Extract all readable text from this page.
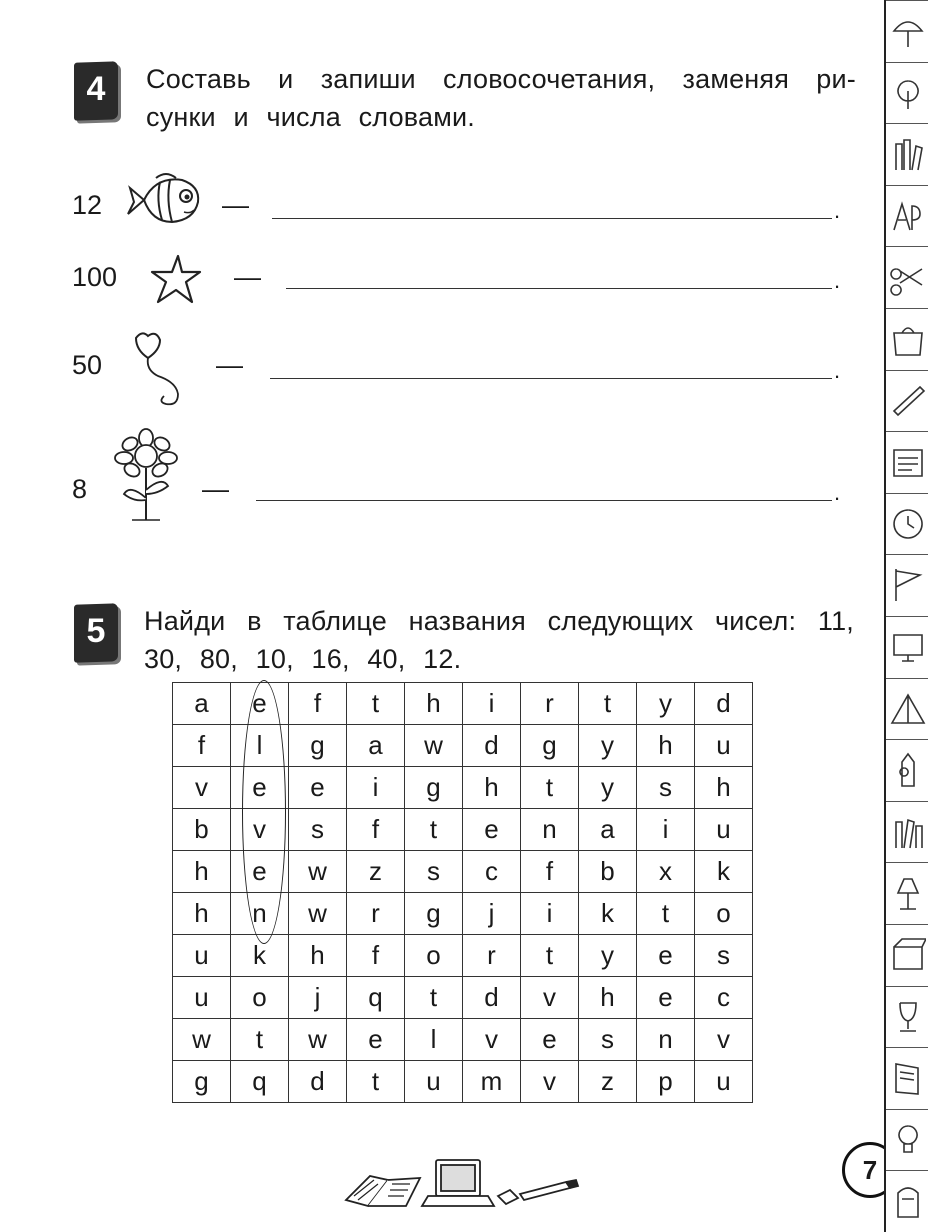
4	Составь и запиши словосочетания, заменяя ри-
сунки и числа словами.
12	—	.
100	—	.
50	—	.
8	—	.
5	Найди в таблице названия следующих чисел: 11,
30, 80, 10, 16, 40, 12.
a	e	f	t	h	i	r	t	y	d
f	l	g	a	w	d	g	y	h	u
v	e	e	i	g	h	t	y	s	h
b	v	s	f	t	e	n	a	i	u
h	e	w	z	s	c	f	b	x	k
h	n	w	r	g	j	i	k	t	o
u	k	h	f	o	r	t	y	e	s
u	o	j	q	t	d	v	h	e	c
w	t	w	e	l	v	e	s	n	v
g	q	d	t	u	m	v	z	p	u
7
